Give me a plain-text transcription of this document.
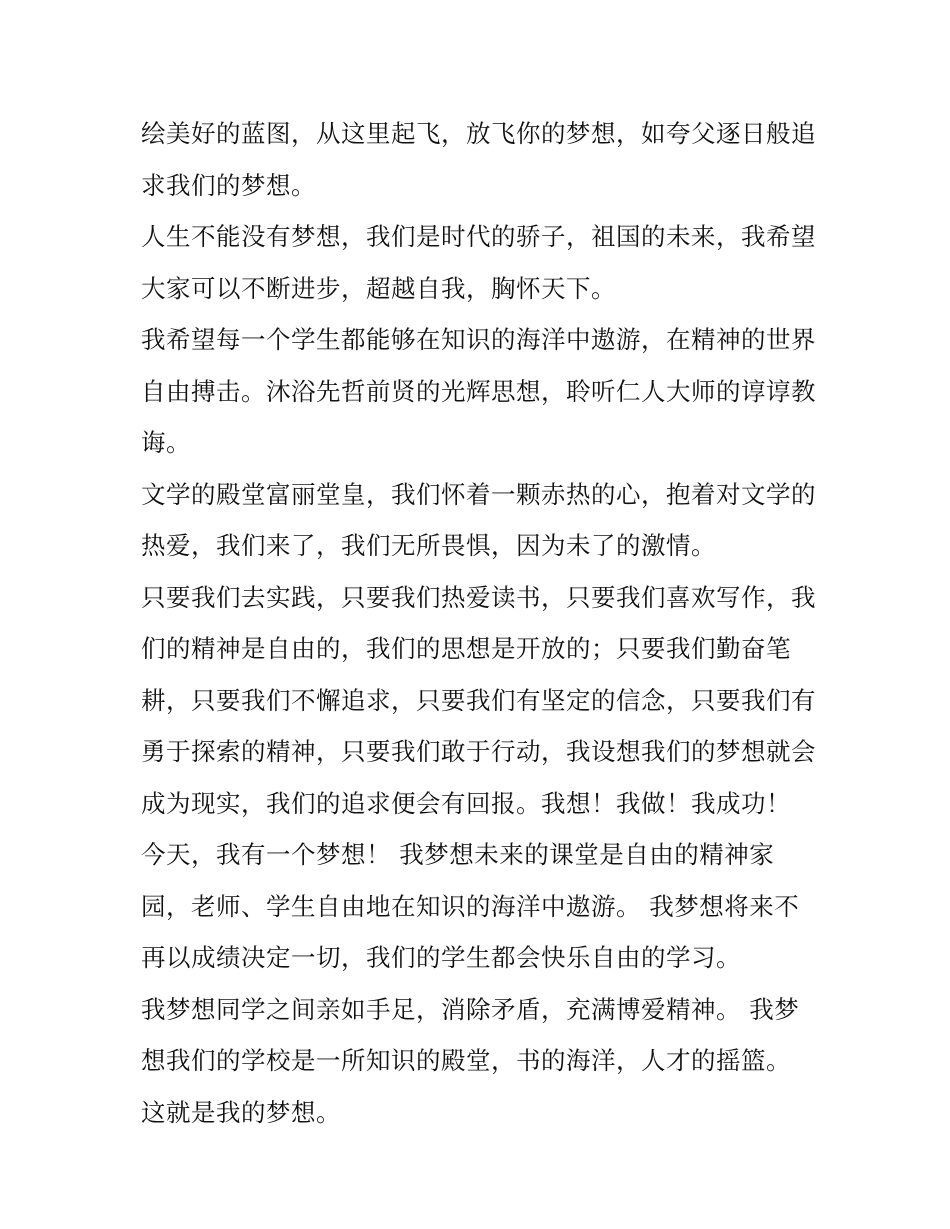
绘美好的蓝图，从这里起飞，放飞你的梦想，如夸父逐日般追
求我们的梦想。
人生不能没有梦想，我们是时代的骄子，祖国的未来，我希望
大家可以不断进步，超越自我，胸怀天下。
我希望每一个学生都能够在知识的海洋中遨游，在精神的世界
自由搏击。沐浴先哲前贤的光辉思想，聆听仁人大师的谆谆教
诲。
文学的殿堂富丽堂皇，我们怀着一颗赤热的心，抱着对文学的
热爱，我们来了，我们无所畏惧，因为未了的激情。
只要我们去实践，只要我们热爱读书，只要我们喜欢写作，我
们的精神是自由的，我们的思想是开放的；只要我们勤奋笔
耕，只要我们不懈追求，只要我们有坚定的信念，只要我们有
勇于探索的精神，只要我们敢于行动，我设想我们的梦想就会
成为现实，我们的追求便会有回报。我想！我做！我成功！
今天，我有一个梦想！ 我梦想未来的课堂是自由的精神家
园，老师、学生自由地在知识的海洋中遨游。 我梦想将来不
再以成绩决定一切，我们的学生都会快乐自由的学习。
我梦想同学之间亲如手足，消除矛盾，充满博爱精神。 我梦
想我们的学校是一所知识的殿堂，书的海洋，人才的摇篮。
这就是我的梦想。
